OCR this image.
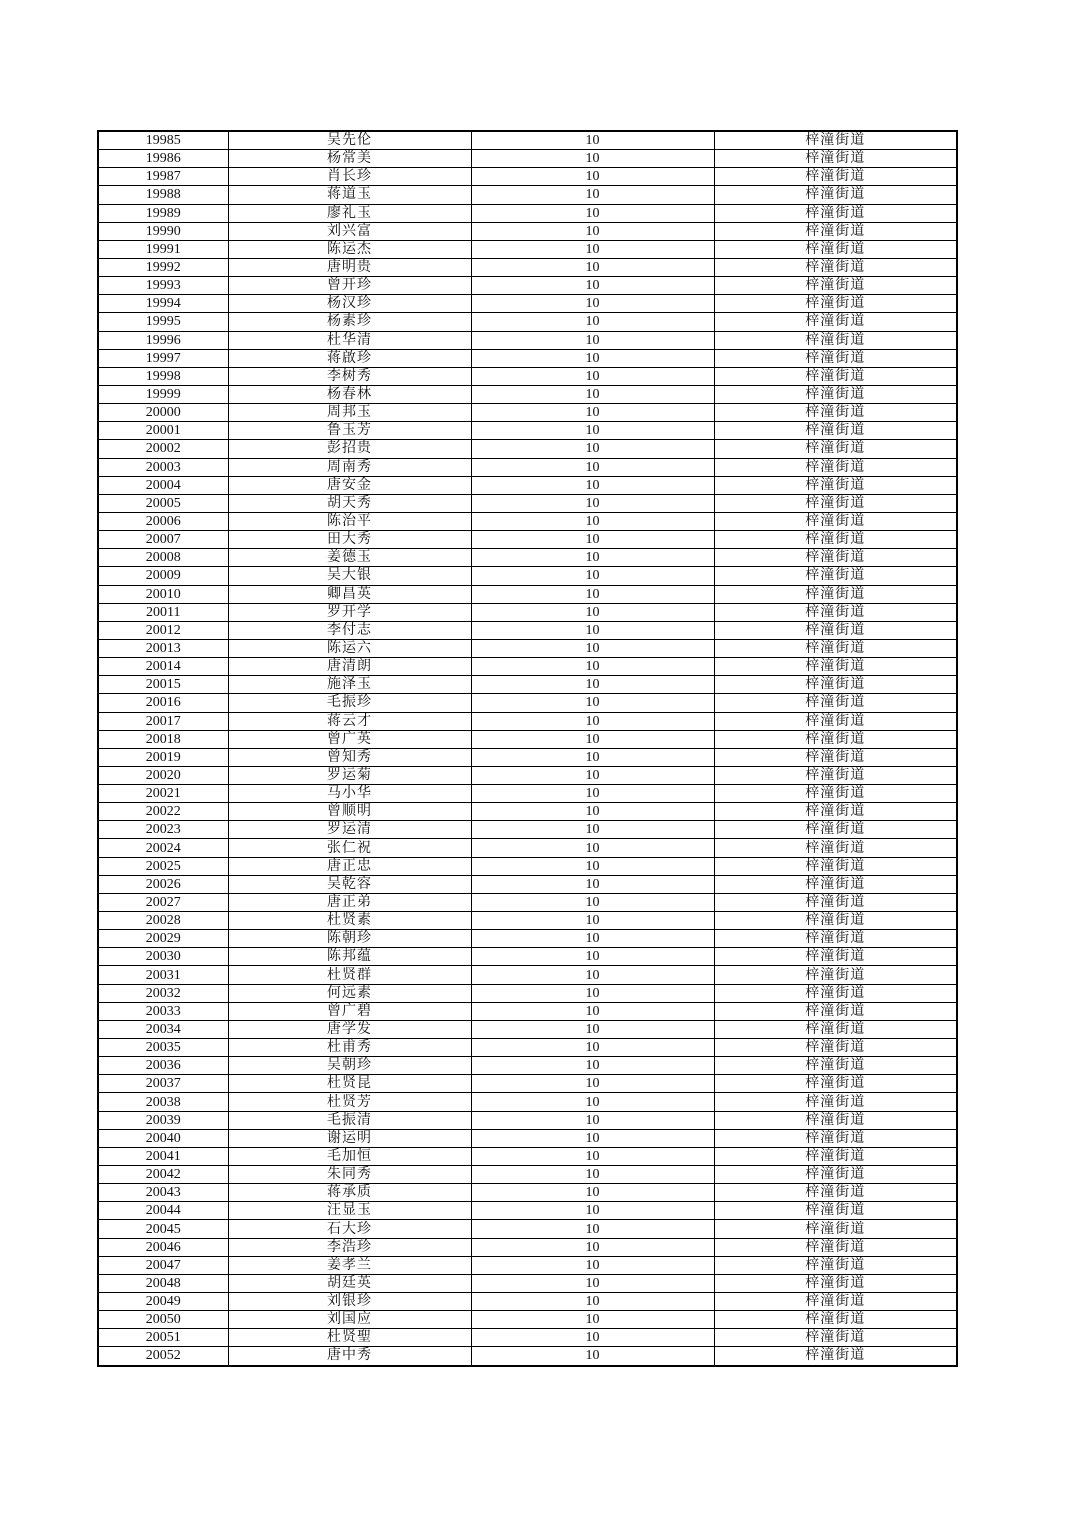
19985	吴先伦	10	梓潼街道
19986	杨常美	10	梓潼街道
19987	肖长珍	10	梓潼街道
19988	蒋道玉	10	梓潼街道
19989	廖礼玉	10	梓潼街道
19990	刘兴富	10	梓潼街道
19991	陈运杰	10	梓潼街道
19992	唐明贵	10	梓潼街道
19993	曾开珍	10	梓潼街道
19994	杨汉珍	10	梓潼街道
19995	杨素珍	10	梓潼街道
19996	杜华清	10	梓潼街道
19997	蒋啟珍	10	梓潼街道
19998	李树秀	10	梓潼街道
19999	杨春林	10	梓潼街道
20000	周邦玉	10	梓潼街道
20001	鲁玉芳	10	梓潼街道
20002	彭招贵	10	梓潼街道
20003	周南秀	10	梓潼街道
20004	唐安金	10	梓潼街道
20005	胡天秀	10	梓潼街道
20006	陈治平	10	梓潼街道
20007	田大秀	10	梓潼街道
20008	姜德玉	10	梓潼街道
20009	吴大银	10	梓潼街道
20010	卿昌英	10	梓潼街道
20011	罗开学	10	梓潼街道
20012	李付志	10	梓潼街道
20013	陈运六	10	梓潼街道
20014	唐清朗	10	梓潼街道
20015	施泽玉	10	梓潼街道
20016	毛振珍	10	梓潼街道
20017	蒋云才	10	梓潼街道
20018	曾广英	10	梓潼街道
20019	曾知秀	10	梓潼街道
20020	罗运菊	10	梓潼街道
20021	马小华	10	梓潼街道
20022	曾顺明	10	梓潼街道
20023	罗运清	10	梓潼街道
20024	张仁祝	10	梓潼街道
20025	唐正忠	10	梓潼街道
20026	吴乾容	10	梓潼街道
20027	唐正弟	10	梓潼街道
20028	杜贤素	10	梓潼街道
20029	陈朝珍	10	梓潼街道
20030	陈邦蕴	10	梓潼街道
20031	杜贤群	10	梓潼街道
20032	何远素	10	梓潼街道
20033	曾广碧	10	梓潼街道
20034	唐学发	10	梓潼街道
20035	杜甫秀	10	梓潼街道
20036	吴朝珍	10	梓潼街道
20037	杜贤昆	10	梓潼街道
20038	杜贤芳	10	梓潼街道
20039	毛振清	10	梓潼街道
20040	谢运明	10	梓潼街道
20041	毛加恒	10	梓潼街道
20042	朱同秀	10	梓潼街道
20043	蒋承质	10	梓潼街道
20044	汪显玉	10	梓潼街道
20045	石大珍	10	梓潼街道
20046	李浩珍	10	梓潼街道
20047	姜孝兰	10	梓潼街道
20048	胡廷英	10	梓潼街道
20049	刘银珍	10	梓潼街道
20050	刘国应	10	梓潼街道
20051	杜贤聖	10	梓潼街道
20052	唐中秀	10	梓潼街道
